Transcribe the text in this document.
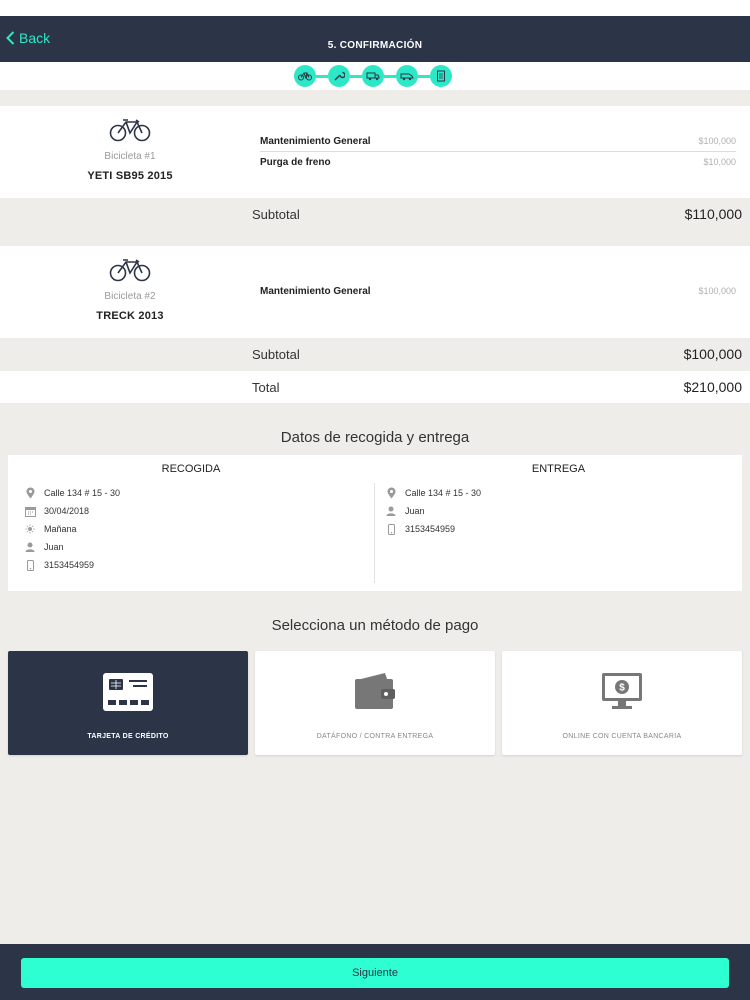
Back	5. CONFIRMACIÓN
Bicicleta #1
YETI SB95 2015
Mantenimiento General	$100,000
Purga de freno	$10,000
Subtotal	$110,000
Bicicleta #2
TRECK 2013
Mantenimiento General	$100,000
Subtotal	$100,000
Total	$210,000
Datos de recogida y entrega
RECOGIDA
Calle 134 # 15 - 30
30/04/2018
Mañana
Juan
3153454959
ENTREGA
Calle 134 # 15 - 30
Juan
3153454959
Selecciona un método de pago
TARJETA DE CRÉDITO	DATÁFONO / CONTRA ENTREGA
$
ONLINE CON CUENTA BANCARIA
Siguiente
